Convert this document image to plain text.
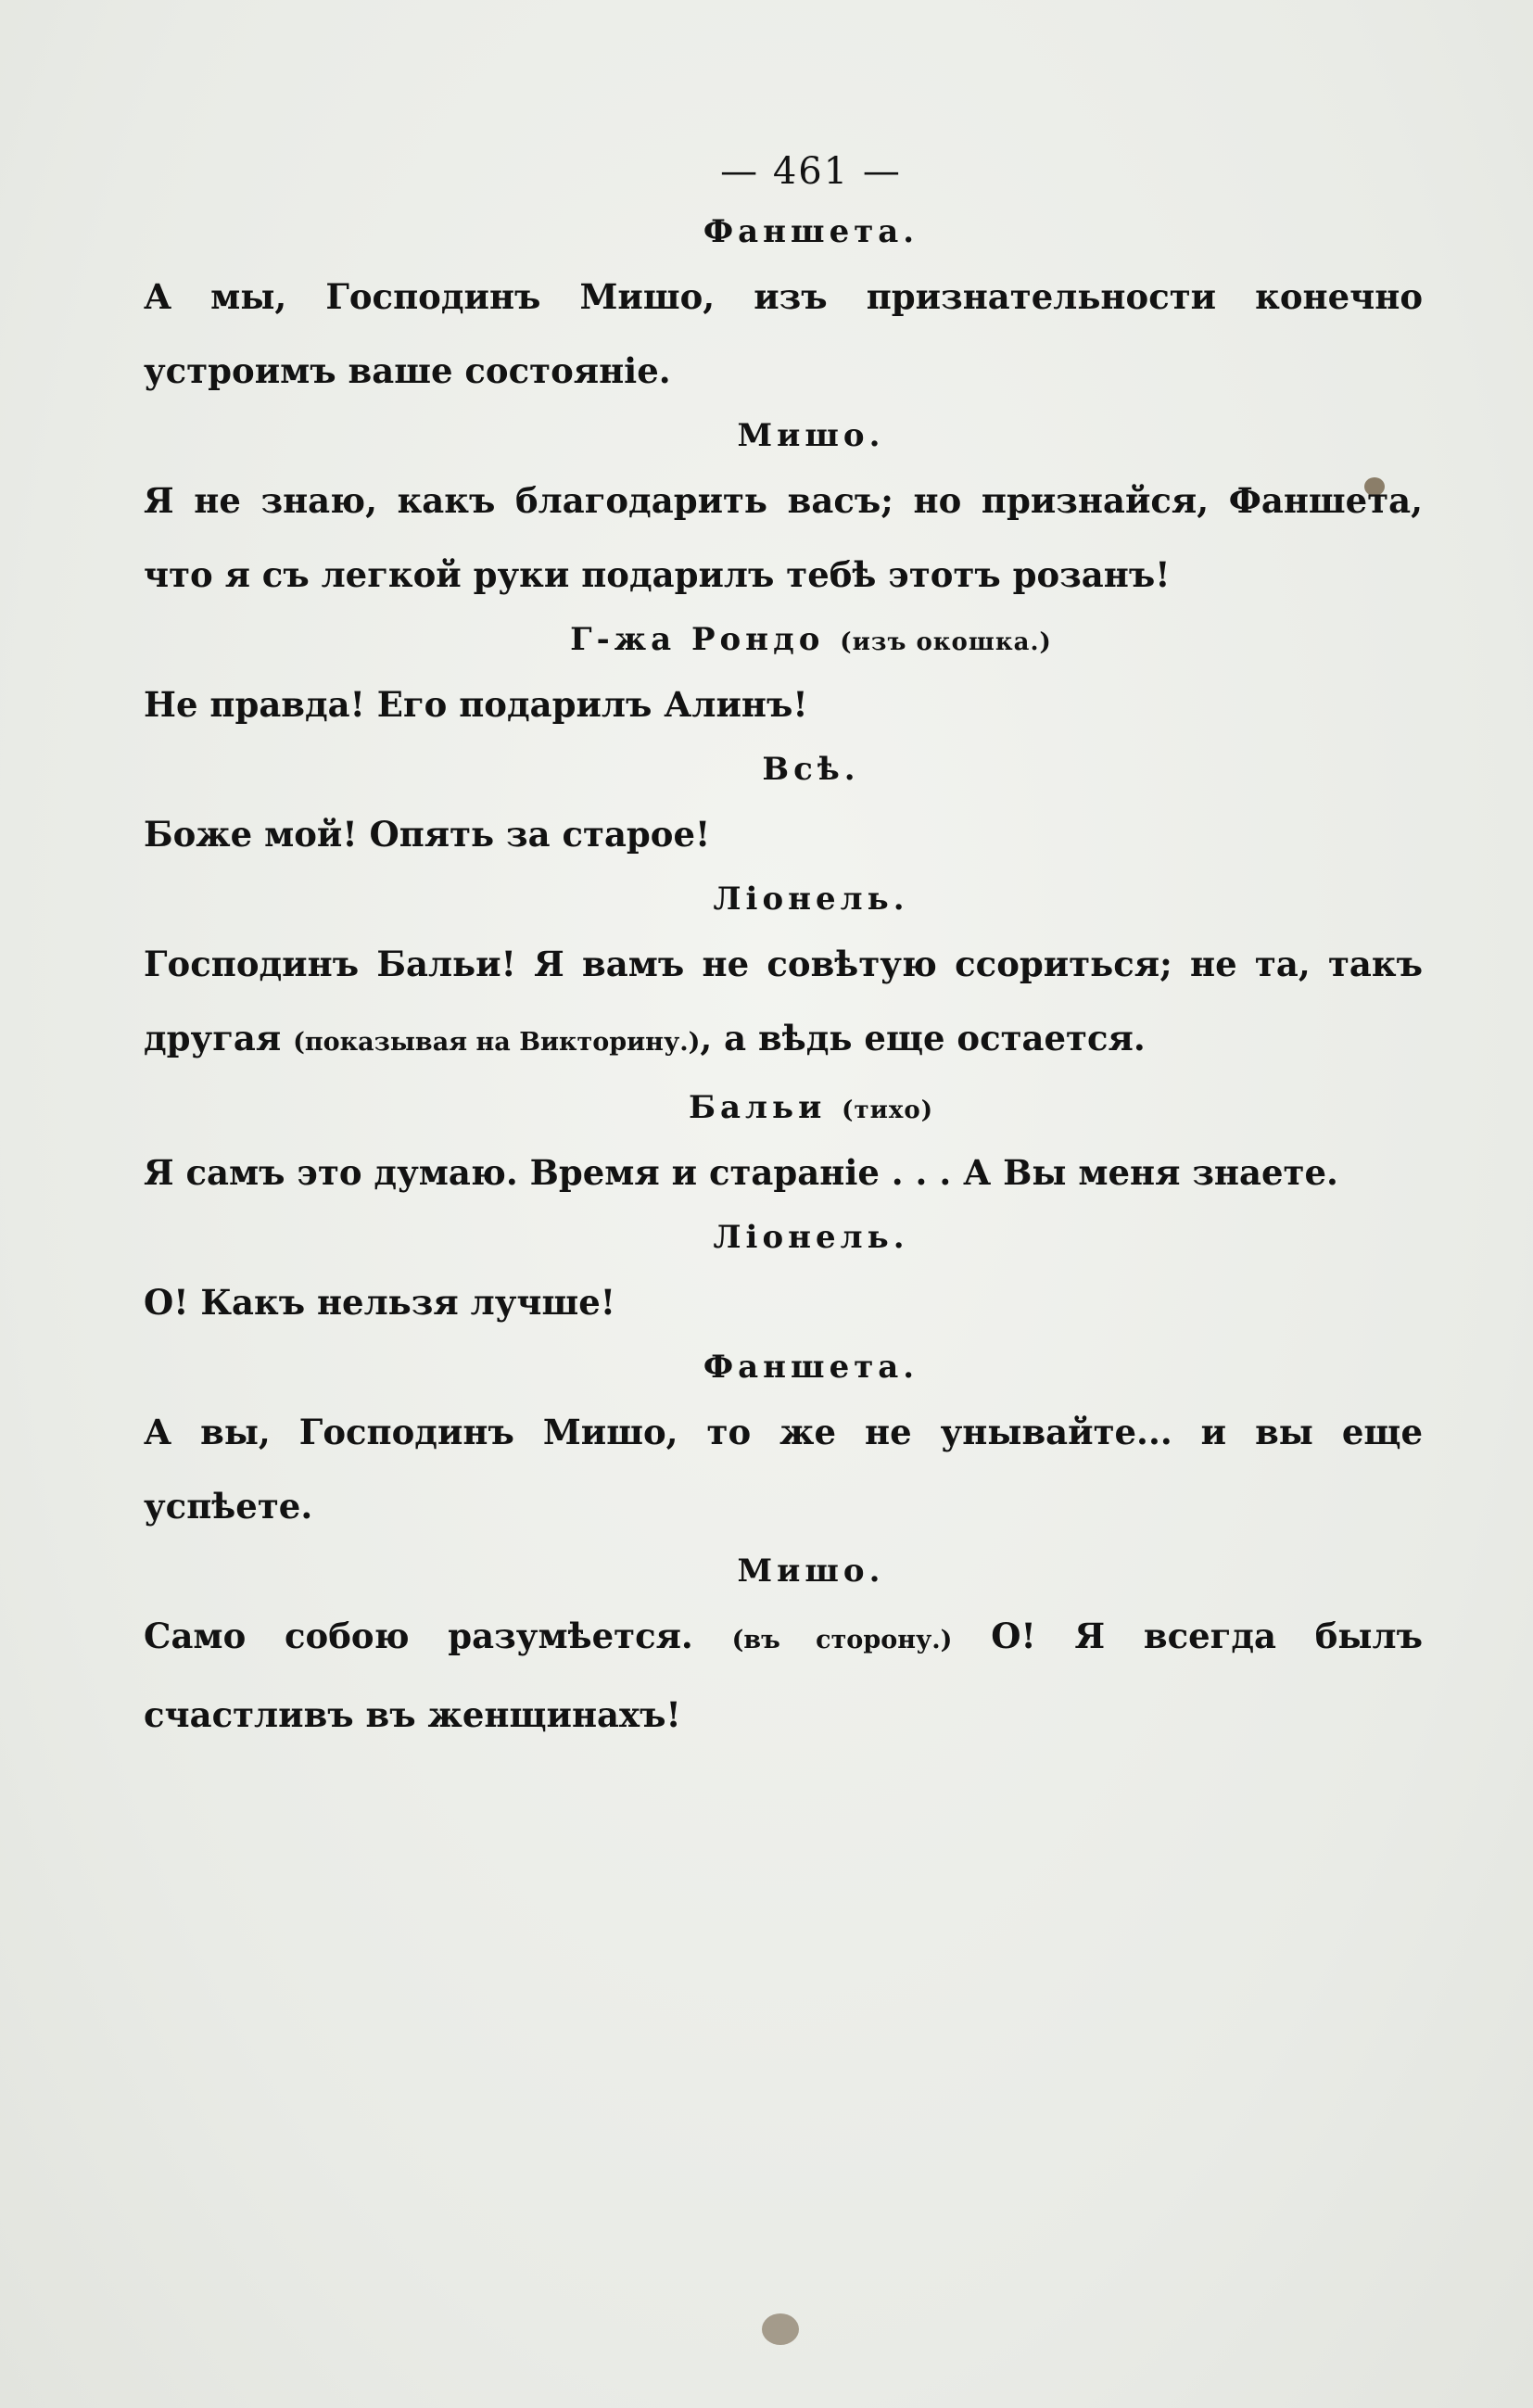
— 461 —
Фаншета.

А мы, Господинъ Мишо, изъ признательности конечно устроимъ ваше состояніе.

Мишо.

Я не знаю, какъ благодарить васъ; но признайся, Фаншета, что я съ легкой руки подарилъ тебѣ этотъ розанъ!

Г-жа Рондо (изъ окошка.)

Не правда! Его подарилъ Алинъ!

Всѣ.

Боже мой! Опять за старое!

Ліонель.

Господинъ Бальи! Я вамъ не совѣтую ссориться; не та, такъ другая (показывая на Викторину.), а вѣдь еще остается.

Бальи (тихо)

Я самъ это думаю. Время и стараніе . . . А Вы меня знаете.

Ліонель.

О! Какъ нельзя лучше!

Фаншета.

А вы, Господинъ Мишо, то же не унывайте... и вы еще успѣете.

Мишо.

Само собою разумѣется. (въ сторону.) О! Я всегда былъ счастливъ въ женщинахъ!
